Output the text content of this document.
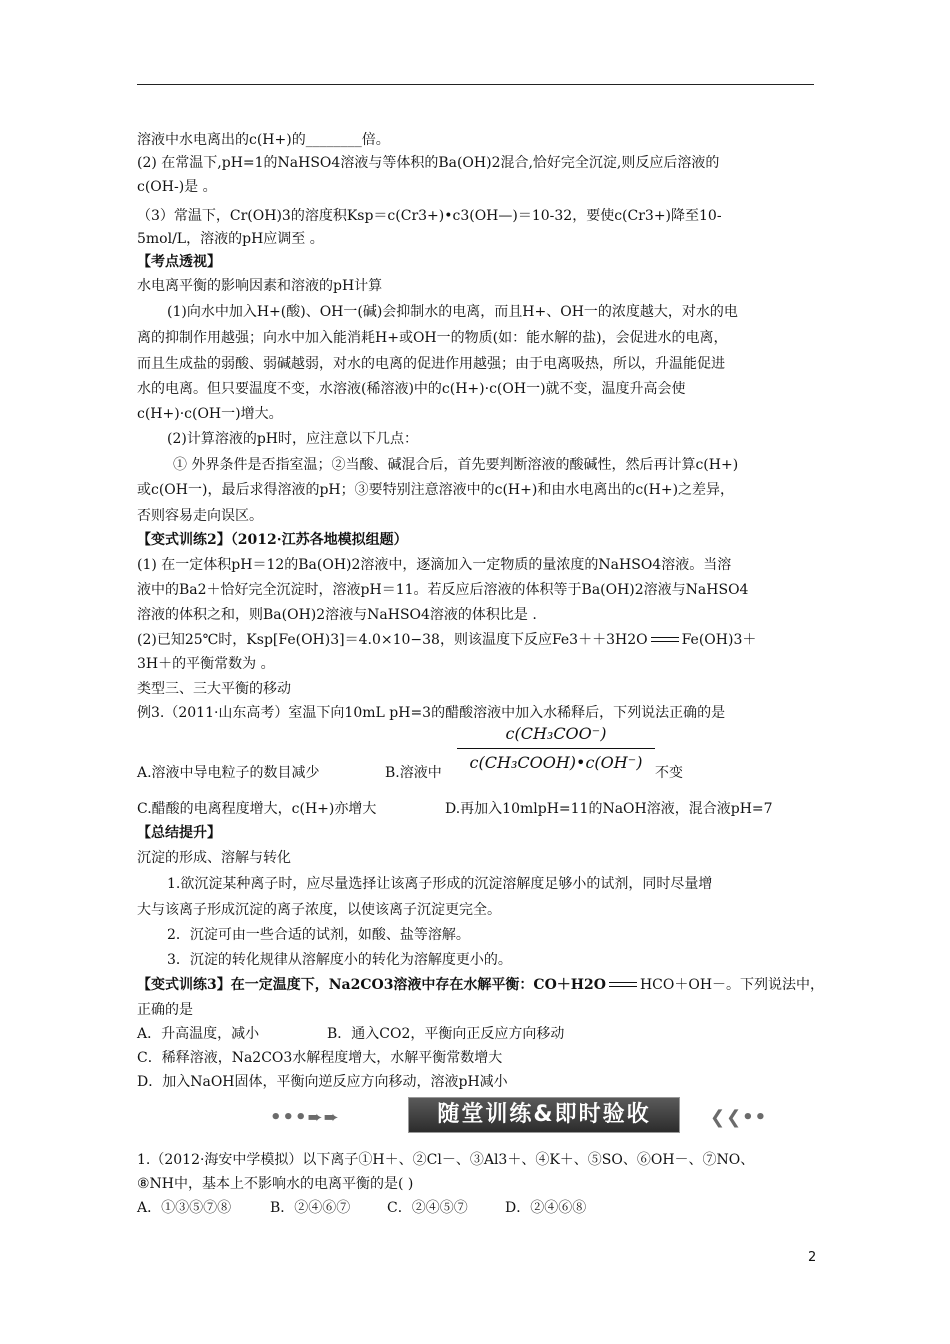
溶液中水电离出的c(H+)的________倍。
(2) 在常温下,pH=1的NaHSO4溶液与等体积的Ba(OH)2混合,恰好完全沉淀,则反应后溶液的
c(OH-)是 。
（3）常温下，Cr(OH)3的溶度积Ksp＝c(Cr3+)•c3(OH—)＝10-32，要使c(Cr3+)降至10-
5mol/L，溶液的pH应调至 。
【考点透视】
水电离平衡的影响因素和溶液的pH计算
(1)向水中加入H+(酸)、OH一(碱)会抑制水的电离，而且H+、OH一的浓度越大，对水的电
离的抑制作用越强；向水中加入能消耗H+或OH一的物质(如：能水解的盐)，会促进水的电离，
而且生成盐的弱酸、弱碱越弱，对水的电离的促进作用越强；由于电离吸热，所以，升温能促进
水的电离。但只要温度不变，水溶液(稀溶液)中的c(H+)·c(OH一)就不变，温度升高会使
c(H+)·c(OH一)增大。
(2)计算溶液的pH时，应注意以下几点：
① 外界条件是否指室温；②当酸、碱混合后，首先要判断溶液的酸碱性，然后再计算c(H+)
或c(OH一)，最后求得溶液的pH；③要特别注意溶液中的c(H+)和由水电离出的c(H+)之差异，
否则容易走向误区。
【变式训练2】（2012·江苏各地模拟组题）
(1) 在一定体积pH＝12的Ba(OH)2溶液中，逐滴加入一定物质的量浓度的NaHSO4溶液。当溶
液中的Ba2＋恰好完全沉淀时，溶液pH＝11。若反应后溶液的体积等于Ba(OH)2溶液与NaHSO4
溶液的体积之和，则Ba(OH)2溶液与NaHSO4溶液的体积比是 .
(2)已知25℃时，Ksp[Fe(OH)3]＝4.0×10−38，则该温度下反应Fe3＋＋3H2O Fe(OH)3＋
3H＋的平衡常数为 。
类型三、三大平衡的移动
例3.（2011·山东高考）室温下向10mL pH=3的醋酸溶液中加入水稀释后，下列说法正确的是
A.溶液中导电粒子的数目减少	B.溶液中
c(CH₃COO⁻)
c(CH₃COOH)•c(OH⁻)
不变
C.醋酸的电离程度增大，c(H+)亦增大	D.再加入10mlpH=11的NaOH溶液，混合液pH=7
【总结提升】
沉淀的形成、溶解与转化
1.欲沉淀某种离子时，应尽量选择让该离子形成的沉淀溶解度足够小的试剂，同时尽量增
大与该离子形成沉淀的离子浓度，以使该离子沉淀更完全。
2．沉淀可由一些合适的试剂，如酸、盐等溶解。
3．沉淀的转化规律从溶解度小的转化为溶解度更小的。
【变式训练3】在一定温度下，Na2CO3溶液中存在水解平衡：CO＋H2O HCO＋OH－。下列说法中，
正确的是
A．升高温度，减小	B．通入CO2，平衡向正反应方向移动
C．稀释溶液，Na2CO3水解程度增大，水解平衡常数增大
D．加入NaOH固体，平衡向逆反应方向移动，溶液pH减小
•••➨➨	随堂训练&即时验收	❮❮••
1.（2012·海安中学模拟）以下离子①H＋、②Cl－、③Al3＋、④K＋、⑤SO、⑥OH－、⑦NO、
⑧NH中，基本上不影响水的电离平衡的是( )
A．①③⑤⑦⑧	B．②④⑥⑦	C．②④⑤⑦	D．②④⑥⑧
2
